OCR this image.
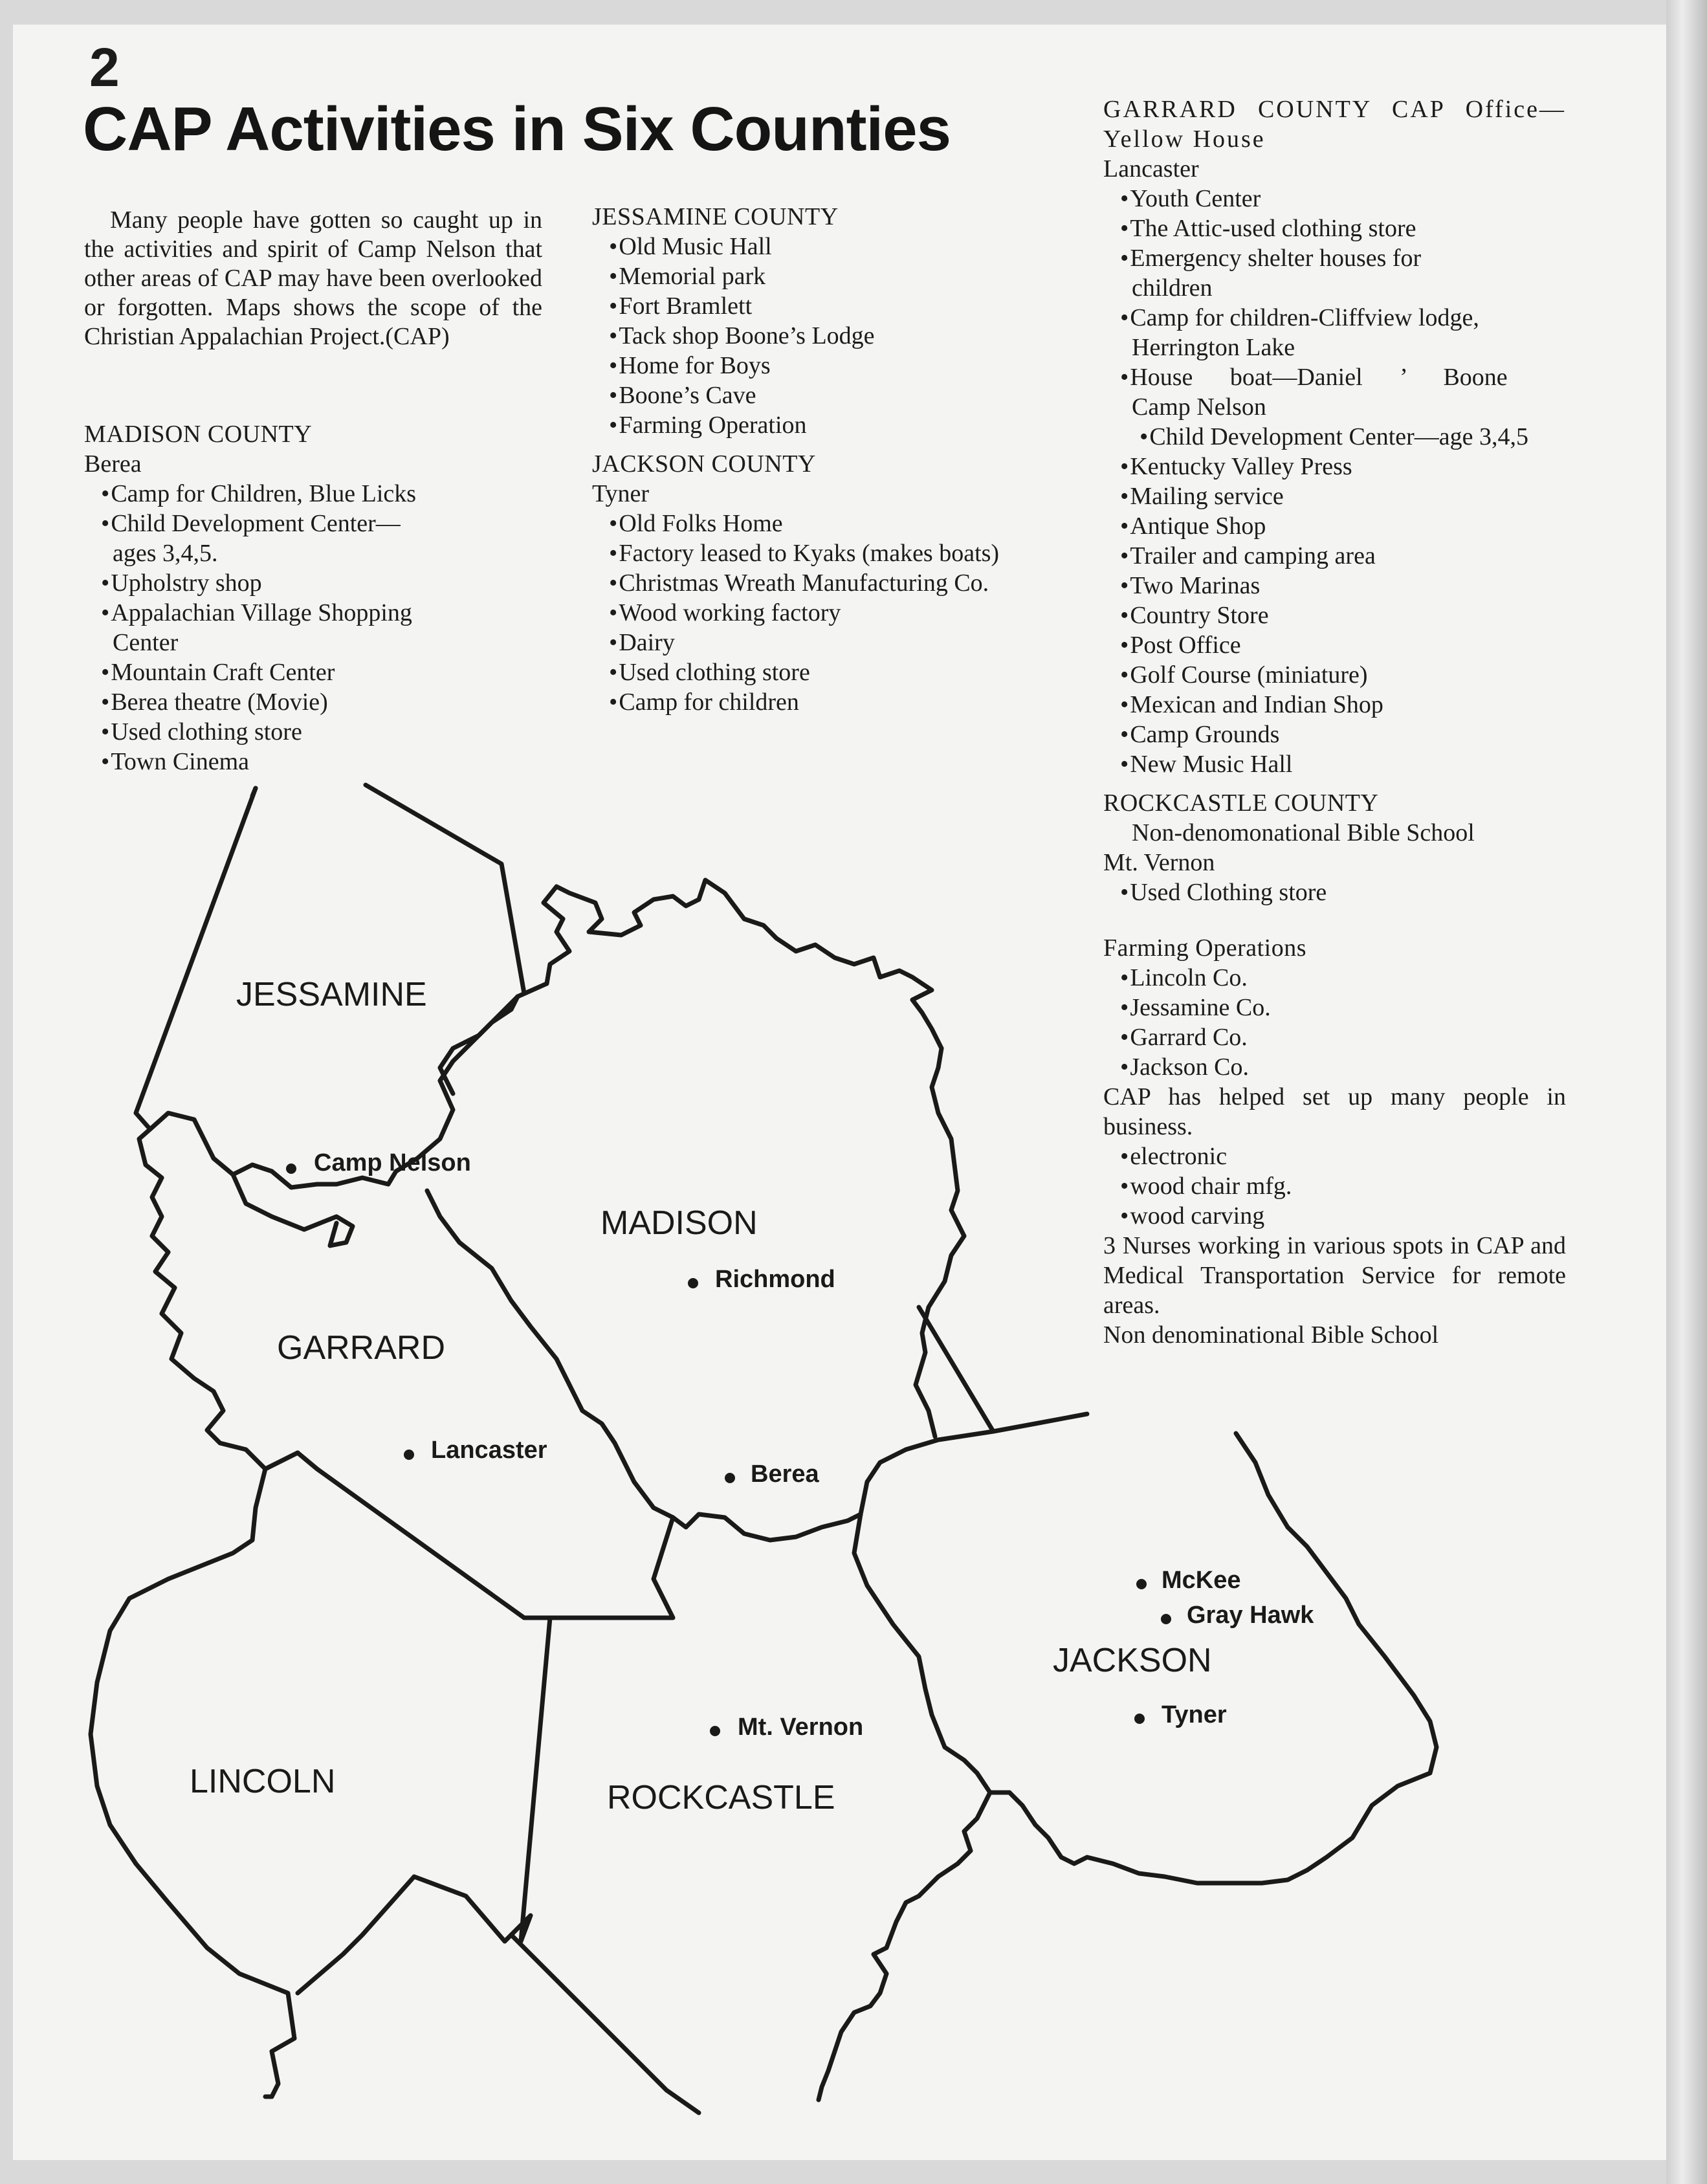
2
CAP Activities in Six Counties
Many people have gotten so caught up in the activities and spirit of Camp Nelson that other areas of CAP may have been overlooked or forgotten. Maps shows the scope of the Christian Appalachian Project.(CAP)
MADISON COUNTY
Berea
• Camp for Children, Blue Licks
• Child Development Center—ages 3,4,5.
• Upholstry shop
• Appalachian Village Shopping Center
• Mountain Craft Center
• Berea theatre (Movie)
• Used clothing store
• Town Cinema
JESSAMINE COUNTY
• Old Music Hall
• Memorial park
• Fort Bramlett
• Tack shop Boone’s Lodge
• Home for Boys
• Boone’s Cave
• Farming Operation
JACKSON COUNTY
Tyner
• Old Folks Home
• Factory leased to Kyaks (makes boats)
• Christmas Wreath Manufacturing Co.
• Wood working factory
• Dairy
• Used clothing store
• Camp for children
GARRARD COUNTY CAP Office—Yellow House
Lancaster
• Youth Center
• The Attic-used clothing store
• Emergency shelter houses for children
• Camp for children-Cliffview lodge, Herrington Lake
• House boat—Daniel ’ Boone
Camp Nelson
• Child Development Center—age 3,4,5
• Kentucky Valley Press
• Mailing service
• Antique Shop
• Trailer and camping area
• Two Marinas
• Country Store
• Post Office
• Golf Course (miniature)
• Mexican and Indian Shop
• Camp Grounds
• New Music Hall
ROCKCASTLE COUNTY
Non-denomonational Bible School
Mt. Vernon
• Used Clothing store
Farming Operations
• Lincoln Co.
• Jessamine Co.
• Garrard Co.
• Jackson Co.
CAP has helped set up many people in business.
• electronic
• wood chair mfg.
• wood carving
3 Nurses working in various spots in CAP and Medical Transportation Service for remote areas.
Non denominational Bible School
JESSAMINE
MADISON
GARRARD
LINCOLN	ROCKCASTLE
JACKSON
Camp Nelson
Richmond
Lancaster
Berea
McKee
Gray Hawk
Tyner
Mt. Vernon
